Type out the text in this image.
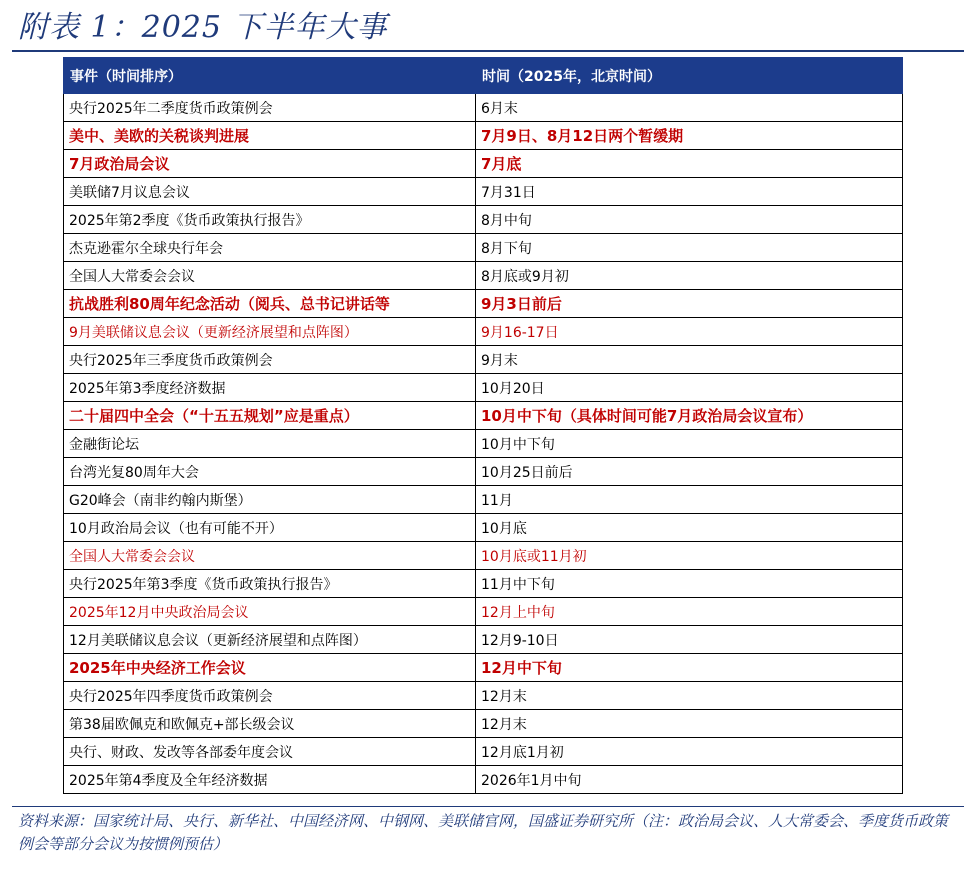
附表 1：2025 下半年大事
事件（时间排序）	时间（2025年，北京时间）
央行2025年二季度货币政策例会	6月末
美中、美欧的关税谈判进展	7月9日、8月12日两个暂缓期
7月政治局会议	7月底
美联储7月议息会议	7月31日
2025年第2季度《货币政策执行报告》	8月中旬
杰克逊霍尔全球央行年会	8月下旬
全国人大常委会会议	8月底或9月初
抗战胜利80周年纪念活动（阅兵、总书记讲话等	9月3日前后
9月美联储议息会议（更新经济展望和点阵图）	9月16-17日
央行2025年三季度货币政策例会	9月末
2025年第3季度经济数据	10月20日
二十届四中全会（“十五五规划”应是重点）	10月中下旬（具体时间可能7月政治局会议宣布）
金融街论坛	10月中下旬
台湾光复80周年大会	10月25日前后
G20峰会（南非约翰内斯堡）	11月
10月政治局会议（也有可能不开）	10月底
全国人大常委会会议	10月底或11月初
央行2025年第3季度《货币政策执行报告》	11月中下旬
2025年12月中央政治局会议	12月上中旬
12月美联储议息会议（更新经济展望和点阵图）	12月9-10日
2025年中央经济工作会议	12月中下旬
央行2025年四季度货币政策例会	12月末
第38届欧佩克和欧佩克+部长级会议	12月末
央行、财政、发改等各部委年度会议	12月底1月初
2025年第4季度及全年经济数据	2026年1月中旬
资料来源：国家统计局、央行、新华社、中国经济网、中钢网、美联储官网，国盛证券研究所（注：政治局会议、人大常委会、季度货币政策例会等部分会议为按惯例预估）
